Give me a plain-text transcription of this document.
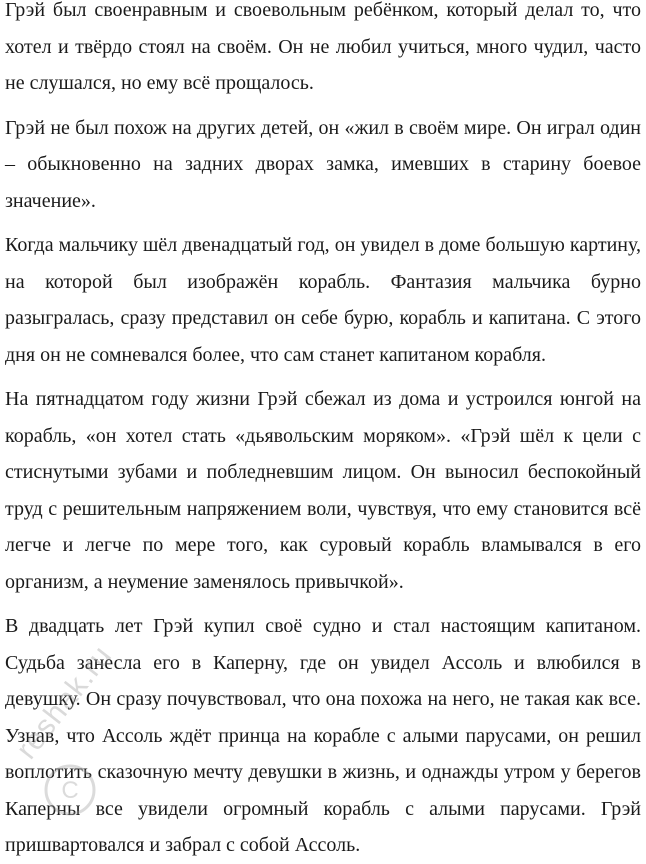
Грэй был своенравным и своевольным ребёнком, который делал то, что хотел и твёрдо стоял на своём. Он не любил учиться, много чудил, часто не слушался, но ему всё прощалось.

Грэй не был похож на других детей, он «жил в своём мире. Он играл один – обыкновенно на задних дворах замка, имевших в старину боевое значение».

Когда мальчику шёл двенадцатый год, он увидел в доме большую картину, на которой был изображён корабль. Фантазия мальчика бурно разыгралась, сразу представил он себе бурю, корабль и капитана. С этого дня он не сомневался более, что сам станет капитаном корабля.

На пятнадцатом году жизни Грэй сбежал из дома и устроился юнгой на корабль, «он хотел стать «дьявольским моряком». «Грэй шёл к цели с стиснутыми зубами и побледневшим лицом. Он выносил беспокойный труд с решительным напряжением воли, чувствуя, что ему становится всё легче и легче по мере того, как суровый корабль вламывался в его организм, а неумение заменялось привычкой».

В двадцать лет Грэй купил своё судно и стал настоящим капитаном. Судьба занесла его в Каперну, где он увидел Ассоль и влюбился в девушку. Он сразу почувствовал, что она похожа на него, не такая как все. Узнав, что Ассоль ждёт принца на корабле с алыми парусами, он решил воплотить сказочную мечту девушки в жизнь, и однажды утром у берегов Каперны все увидели огромный корабль с алыми парусами. Грэй пришвартовался и забрал с собой Ассоль.

C
reshak.ru
